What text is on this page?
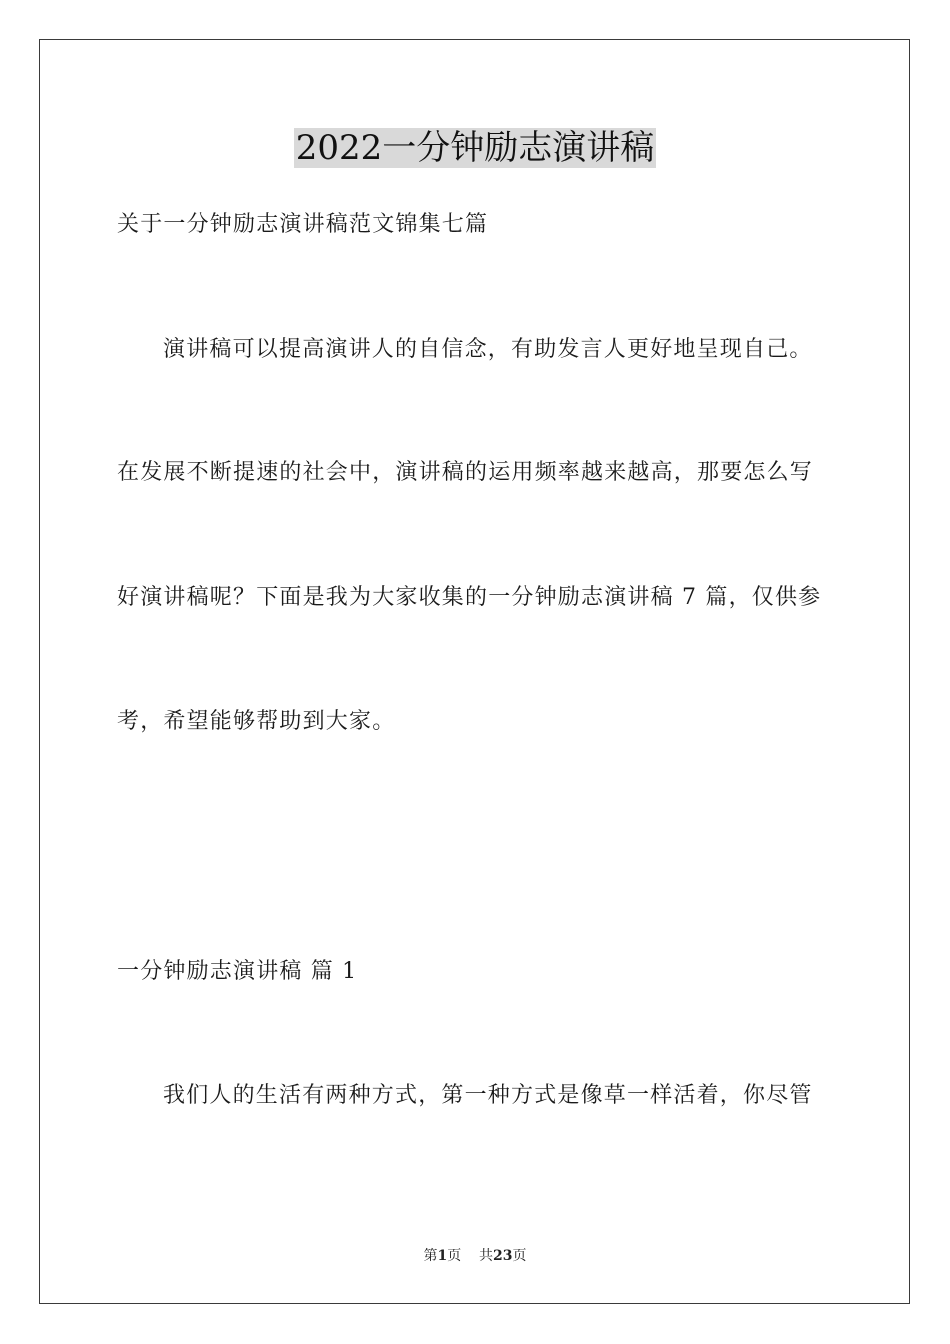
2022一分钟励志演讲稿
关于一分钟励志演讲稿范文锦集七篇
演讲稿可以提高演讲人的自信念，有助发言人更好地呈现自己。
在发展不断提速的社会中，演讲稿的运用频率越来越高，那要怎么写
好演讲稿呢？下面是我为大家收集的一分钟励志演讲稿 7 篇，仅供参
考，希望能够帮助到大家。
一分钟励志演讲稿 篇 1
我们人的生活有两种方式，第一种方式是像草一样活着，你尽管
第1页    共23页
